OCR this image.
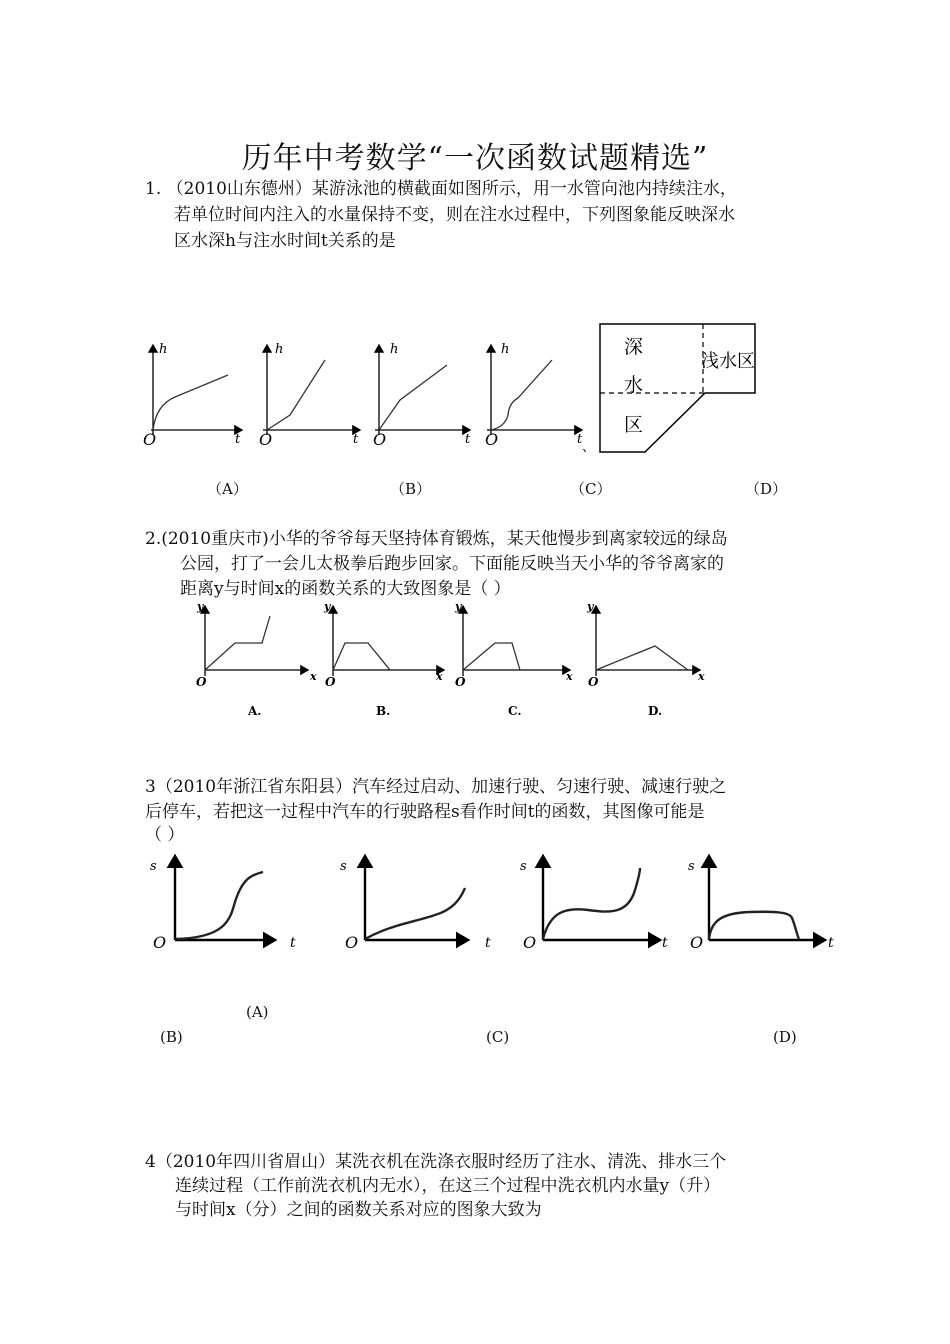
历年中考数学“一次函数试题精选”
1. （2010山东德州）某游泳池的横截面如图所示，用一水管向池内持续注水，
若单位时间内注入的水量保持不变，则在注水过程中，下列图象能反映深水
区水深h与注水时间t关系的是
h
t
O
h
t
O
h
t
O
h
t
O	、
深
水
区
浅水区
（A）	（B）	（C）	（D）
2.(2010重庆市)小华的爷爷每天坚持体育锻炼，某天他慢步到离家较远的绿岛
公园，打了一会儿太极拳后跑步回家。下面能反映当天小华的爷爷离家的
距离y与时间x的函数关系的大致图象是（ ）
y
x
O
A.
y
x
O
B.
y
x
O
C.
y
x
O
D.
3（2010年浙江省东阳县）汽车经过启动、加速行驶、匀速行驶、减速行驶之
后停车，若把这一过程中汽车的行驶路程s看作时间t的函数，其图像可能是
（ ）
s
t
O
s
t
O
s
t
O
s
t
O
(A)
(B)	(C)	(D)
4（2010年四川省眉山）某洗衣机在洗涤衣服时经历了注水、清洗、排水三个
连续过程（工作前洗衣机内无水），在这三个过程中洗衣机内水量y（升）
与时间x（分）之间的函数关系对应的图象大致为
